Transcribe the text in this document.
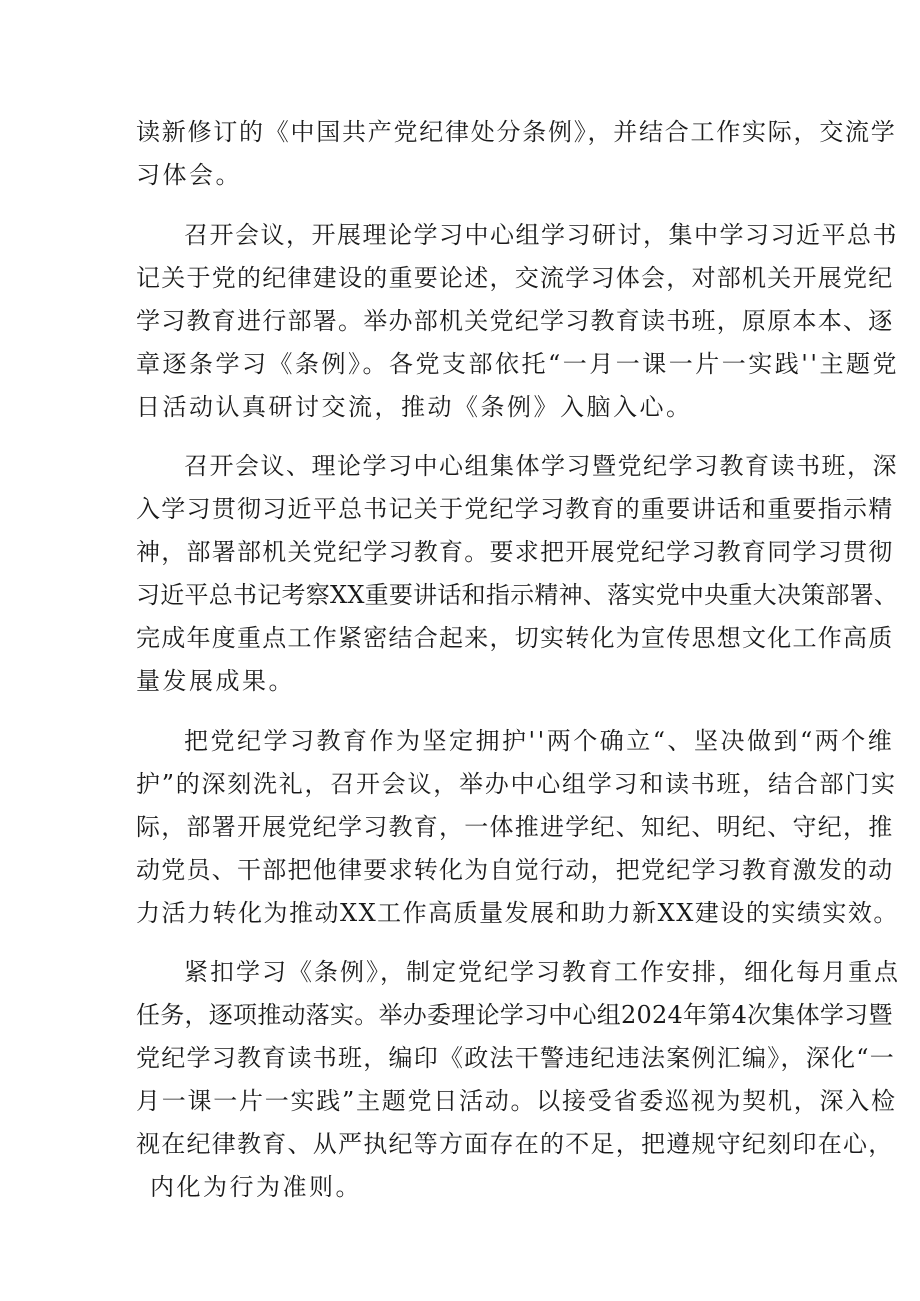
读新修订的《中国共产党纪律处分条例》，并结合工作实际，交流学
习体会。
召开会议，开展理论学习中心组学习研讨，集中学习习近平总书
记关于党的纪律建设的重要论述，交流学习体会，对部机关开展党纪
学习教育进行部署。举办部机关党纪学习教育读书班，原原本本、逐
章逐条学习《条例》。各党支部依托“一月一课一片一实践''主题党
日活动认真研讨交流，推动《条例》入脑入心。
召开会议、理论学习中心组集体学习暨党纪学习教育读书班，深
入学习贯彻习近平总书记关于党纪学习教育的重要讲话和重要指示精
神，部署部机关党纪学习教育。要求把开展党纪学习教育同学习贯彻
习近平总书记考察XX重要讲话和指示精神、落实党中央重大决策部署、
完成年度重点工作紧密结合起来，切实转化为宣传思想文化工作高质
量发展成果。
把党纪学习教育作为坚定拥护''两个确立“、坚决做到“两个维
护”的深刻洗礼，召开会议，举办中心组学习和读书班，结合部门实
际，部署开展党纪学习教育，一体推进学纪、知纪、明纪、守纪，推
动党员、干部把他律要求转化为自觉行动，把党纪学习教育激发的动
力活力转化为推动XX工作高质量发展和助力新XX建设的实绩实效。
紧扣学习《条例》，制定党纪学习教育工作安排，细化每月重点
任务，逐项推动落实。举办委理论学习中心组2024年第4次集体学习暨
党纪学习教育读书班，编印《政法干警违纪违法案例汇编》，深化“一
月一课一片一实践”主题党日活动。以接受省委巡视为契机，深入检
视在纪律教育、从严执纪等方面存在的不足，把遵规守纪刻印在心，
内化为行为准则。
